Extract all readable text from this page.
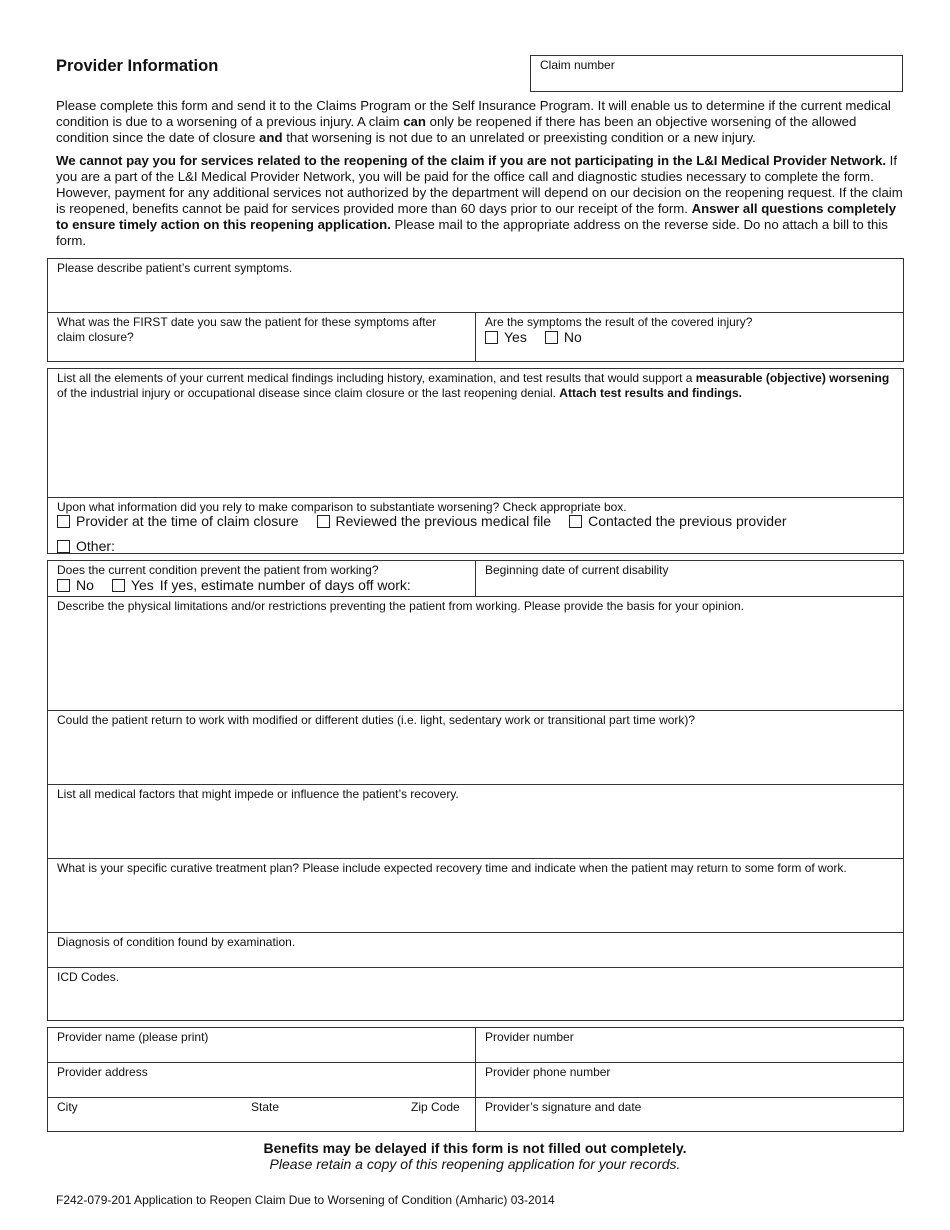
Provider Information	Claim number

Please complete this form and send it to the Claims Program or the Self Insurance Program. It will enable us to determine if the current medical condition is due to a worsening of a previous injury. A claim can only be reopened if there has been an objective worsening of the allowed condition since the date of closure and that worsening is not due to an unrelated or preexisting condition or a new injury.

We cannot pay you for services related to the reopening of the claim if you are not participating in the L&I Medical Provider Network. If you are a part of the L&I Medical Provider Network, you will be paid for the office call and diagnostic studies necessary to complete the form. However, payment for any additional services not authorized by the department will depend on our decision on the reopening request. If the claim is reopened, benefits cannot be paid for services provided more than 60 days prior to our receipt of the form. Answer all questions completely to ensure timely action on this reopening application. Please mail to the appropriate address on the reverse side. Do no attach a bill to this form.

Please describe patient’s current symptoms.
What was the FIRST date you saw the patient for these symptoms after claim closure?
Are the symptoms the result of the covered injury?
Yes	No
List all the elements of your current medical findings including history, examination, and test results that would support a measurable (objective) worsening of the industrial injury or occupational disease since claim closure or the last reopening denial. Attach test results and findings.
Upon what information did you rely to make comparison to substantiate worsening? Check appropriate box.
Provider at the time of claim closure	Reviewed the previous medical file	Contacted the previous provider
Other:
Does the current condition prevent the patient from working?
No	Yes If yes, estimate number of days off work:
Beginning date of current disability
Describe the physical limitations and/or restrictions preventing the patient from working. Please provide the basis for your opinion.
Could the patient return to work with modified or different duties (i.e. light, sedentary work or transitional part time work)?
List all medical factors that might impede or influence the patient’s recovery.
What is your specific curative treatment plan? Please include expected recovery time and indicate when the patient may return to some form of work.
Diagnosis of condition found by examination.
ICD Codes.
Provider name (please print)	Provider number
Provider address	Provider phone number
City	State	Zip Code Provider’s signature and date
Benefits may be delayed if this form is not filled out completely.
Please retain a copy of this reopening application for your records.
F242-079-201 Application to Reopen Claim Due to Worsening of Condition (Amharic) 03-2014
